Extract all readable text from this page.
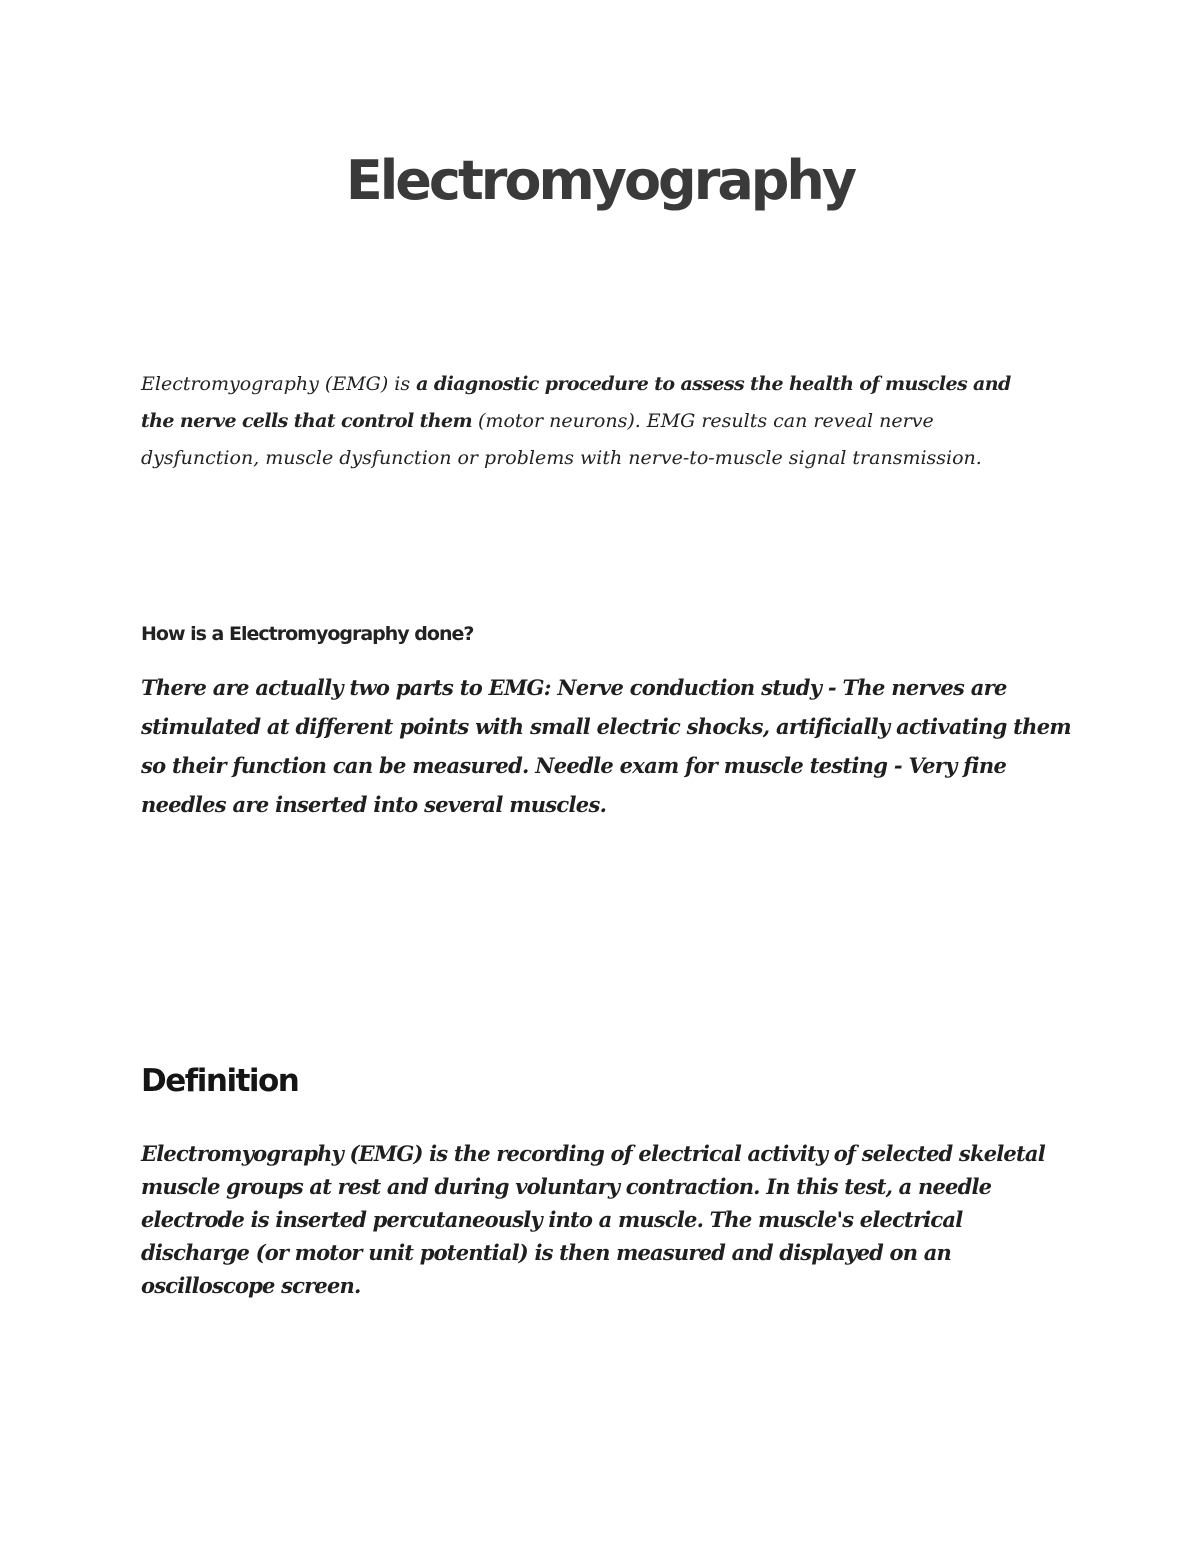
Electromyography

Electromyography (EMG) is a diagnostic procedure to assess the health of muscles and the nerve cells that control them (motor neurons). EMG results can reveal nerve dysfunction, muscle dysfunction or problems with nerve-to-muscle signal transmission.

How is a Electromyography done?

There are actually two parts to EMG: Nerve conduction study - The nerves are stimulated at different points with small electric shocks, artificially activating them so their function can be measured. Needle exam for muscle testing - Very fine needles are inserted into several muscles.

Definition

Electromyography (EMG) is the recording of electrical activity of selected skeletal muscle groups at rest and during voluntary contraction. In this test, a needle electrode is inserted percutaneously into a muscle. The muscle's electrical discharge (or motor unit potential) is then measured and displayed on an oscilloscope screen.
